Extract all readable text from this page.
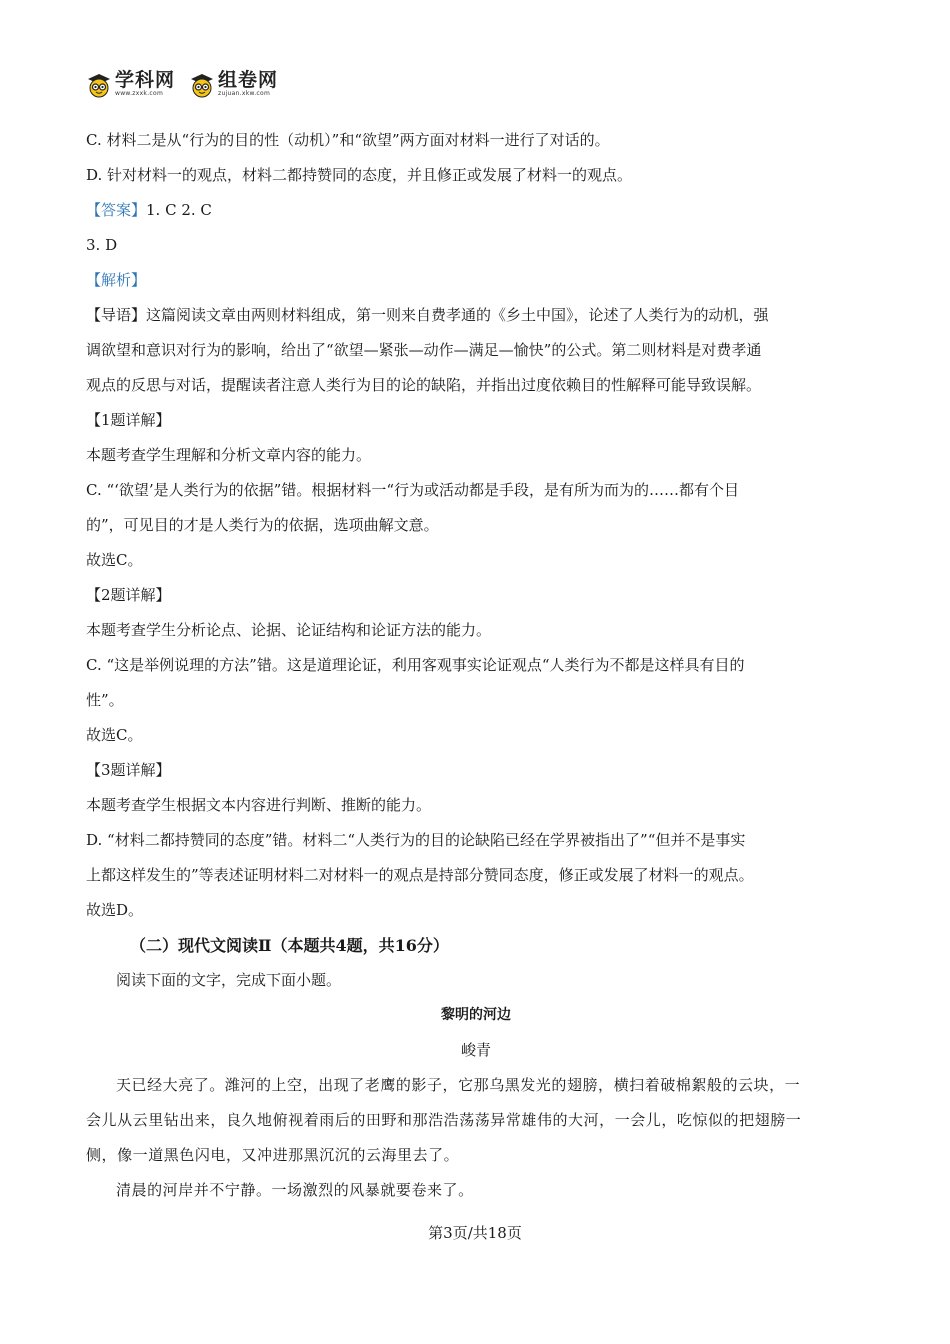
学科网
www.zxxk.com
组卷网
zujuan.xkw.com
C. 材料二是从“行为的目的性（动机）”和“欲望”两方面对材料一进行了对话的。
D. 针对材料一的观点，材料二都持赞同的态度，并且修正或发展了材料一的观点。
【答案】1. C 2. C
3. D
【解析】
【导语】这篇阅读文章由两则材料组成，第一则来自费孝通的《乡土中国》，论述了人类行为的动机，强
调欲望和意识对行为的影响，给出了“欲望—紧张—动作—满足—愉快”的公式。第二则材料是对费孝通
观点的反思与对话，提醒读者注意人类行为目的论的缺陷，并指出过度依赖目的性解释可能导致误解。
【1题详解】
本题考查学生理解和分析文章内容的能力。
C. “‘欲望’是人类行为的依据”错。根据材料一“行为或活动都是手段，是有所为而为的……都有个目
的”，可见目的才是人类行为的依据，选项曲解文意。
故选C。
【2题详解】
本题考查学生分析论点、论据、论证结构和论证方法的能力。
C. “这是举例说理的方法”错。这是道理论证，利用客观事实论证观点“人类行为不都是这样具有目的
性”。
故选C。
【3题详解】
本题考查学生根据文本内容进行判断、推断的能力。
D. “材料二都持赞同的态度”错。材料二“人类行为的目的论缺陷已经在学界被指出了”“但并不是事实
上都这样发生的”等表述证明材料二对材料一的观点是持部分赞同态度，修正或发展了材料一的观点。
故选D。
（二）现代文阅读Ⅱ（本题共4题，共16分）
阅读下面的文字，完成下面小题。
黎明的河边
峻青
天已经大亮了。潍河的上空，出现了老鹰的影子，它那乌黑发光的翅膀，横扫着破棉絮般的云块，一
会儿从云里钻出来，良久地俯视着雨后的田野和那浩浩荡荡异常雄伟的大河，一会儿，吃惊似的把翅膀一
侧，像一道黑色闪电，又冲进那黑沉沉的云海里去了。
清晨的河岸并不宁静。一场激烈的风暴就要卷来了。
第3页/共18页
